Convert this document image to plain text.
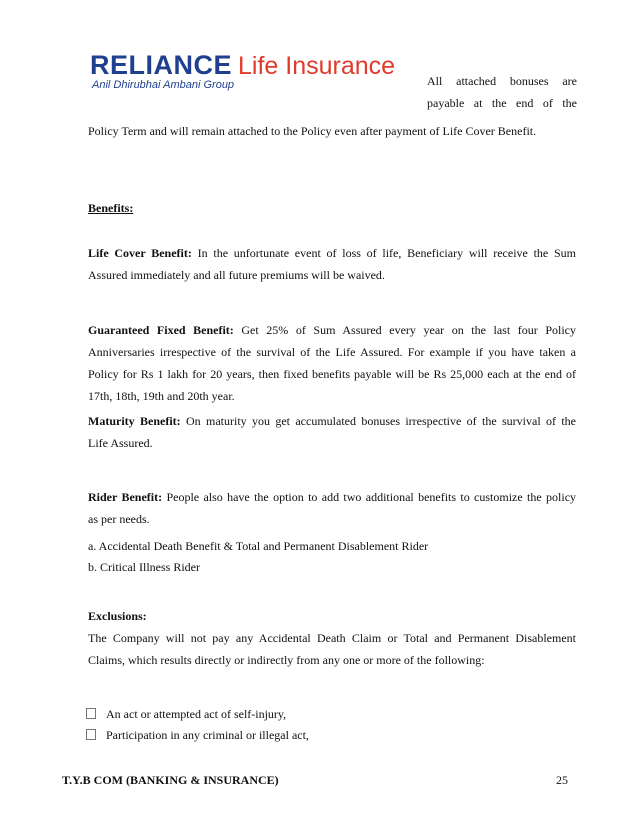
RELIANCE Life Insurance
Anil Dhirubhai Ambani Group	All attached bonuses are
payable at the end of the
Policy Term and will remain attached to the Policy even after payment of Life Cover Benefit.
Benefits:
Life Cover Benefit: In the unfortunate event of loss of life, Beneficiary will receive the Sum
Assured immediately and all future premiums will be waived.
Guaranteed Fixed Benefit: Get 25% of Sum Assured every year on the last four Policy
Anniversaries irrespective of the survival of the Life Assured. For example if you have taken a
Policy for Rs 1 lakh for 20 years, then fixed benefits payable will be Rs 25,000 each at the end of
17th, 18th, 19th and 20th year.
Maturity Benefit: On maturity you get accumulated bonuses irrespective of the survival of the
Life Assured.
Rider Benefit: People also have the option to add two additional benefits to customize the policy
as per needs.
a. Accidental Death Benefit & Total and Permanent Disablement Rider
b. Critical Illness Rider
Exclusions:
The Company will not pay any Accidental Death Claim or Total and Permanent Disablement
Claims, which results directly or indirectly from any one or more of the following:
An act or attempted act of self-injury,
Participation in any criminal or illegal act,
T.Y.B COM (BANKING & INSURANCE)	25
